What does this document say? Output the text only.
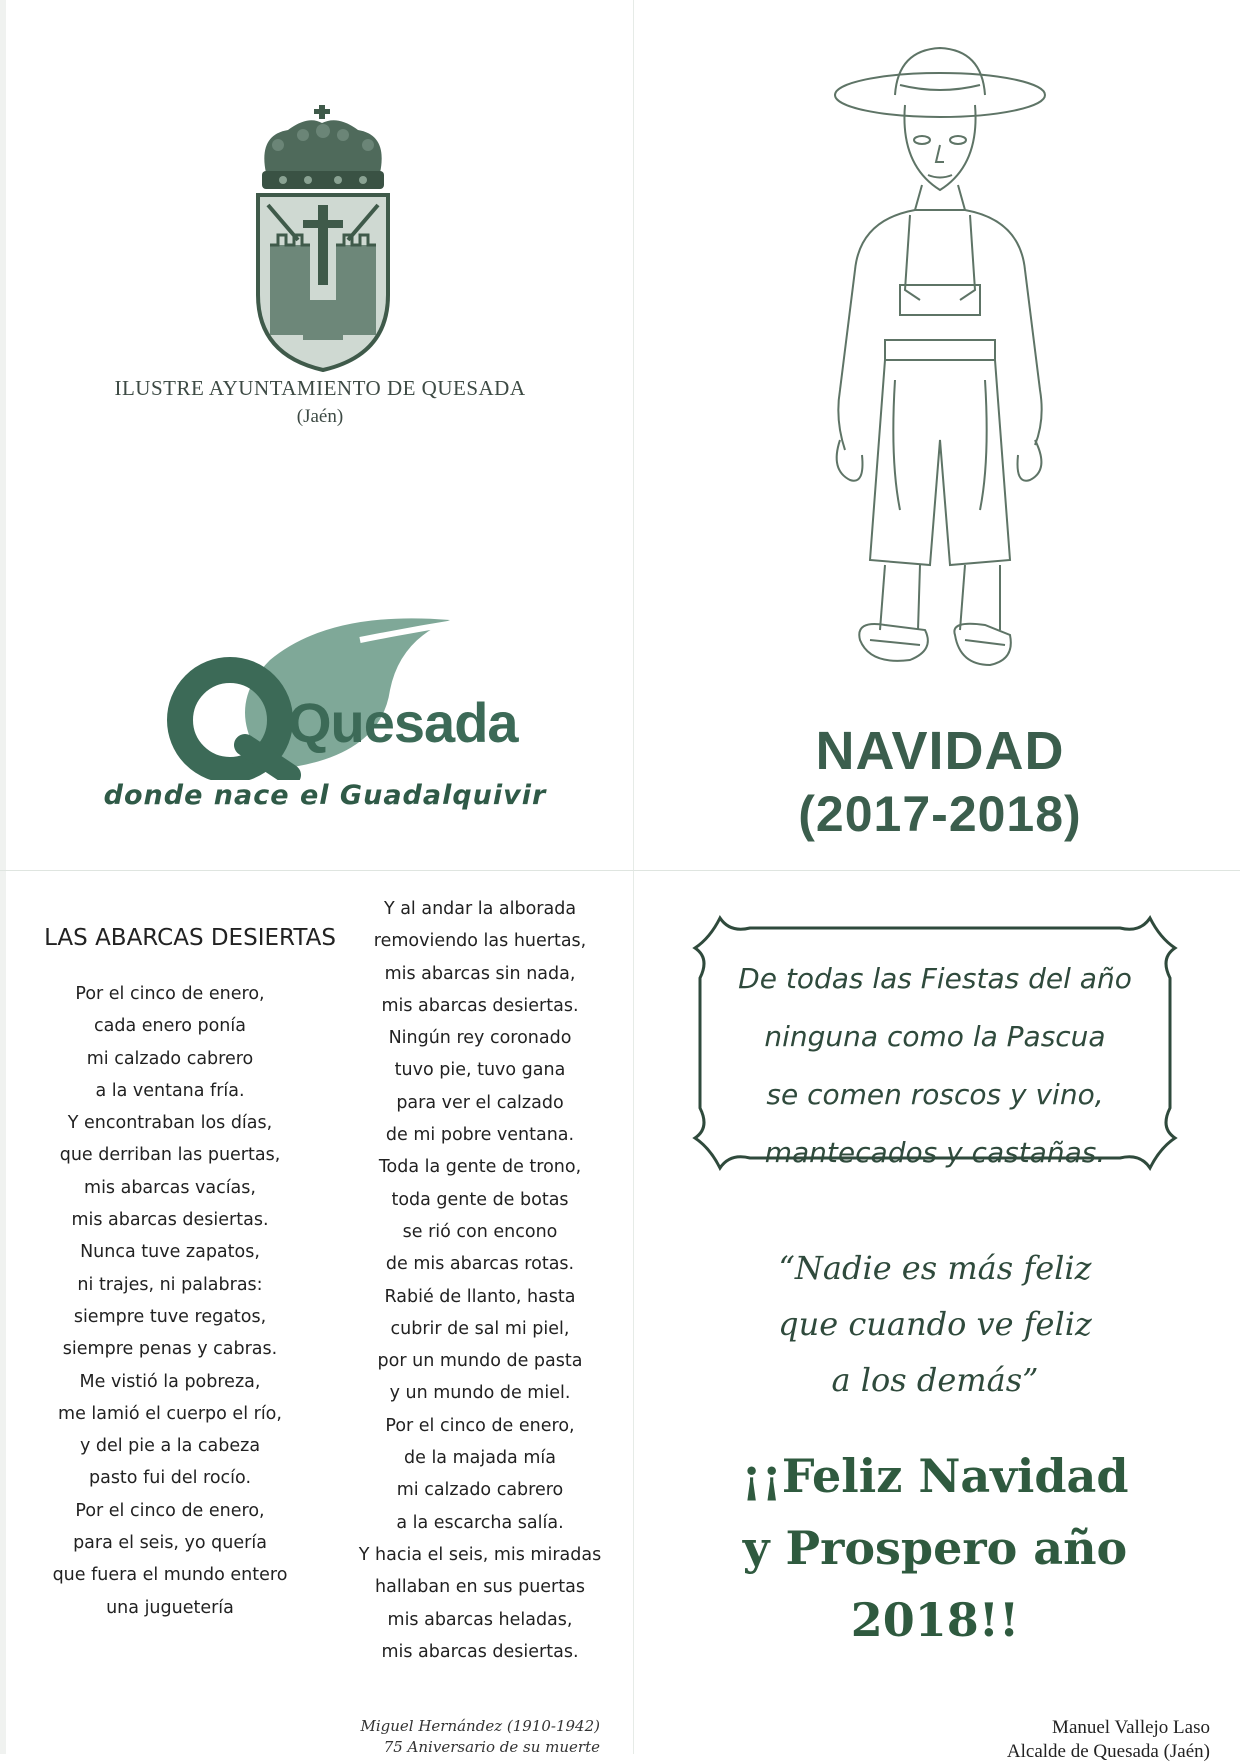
ILUSTRE AYUNTAMIENTO DE QUESADA
(Jaén)
Quesada
donde nace el Guadalquivir
NAVIDAD
(2017-2018)
LAS ABARCAS DESIERTAS
Por el cinco de enero,
cada enero ponía
mi calzado cabrero
a la ventana fría.
Y encontraban los días,
que derriban las puertas,
mis abarcas vacías,
mis abarcas desiertas.
Nunca tuve zapatos,
ni trajes, ni palabras:
siempre tuve regatos,
siempre penas y cabras.
Me vistió la pobreza,
me lamió el cuerpo el río,
y del pie a la cabeza
pasto fui del rocío.
Por el cinco de enero,
para el seis, yo quería
que fuera el mundo entero
una juguetería
Y al andar la alborada
removiendo las huertas,
mis abarcas sin nada,
mis abarcas desiertas.
Ningún rey coronado
tuvo pie, tuvo gana
para ver el calzado
de mi pobre ventana.
Toda la gente de trono,
toda gente de botas
se rió con encono
de mis abarcas rotas.
Rabié de llanto, hasta
cubrir de sal mi piel,
por un mundo de pasta
y un mundo de miel.
Por el cinco de enero,
de la majada mía
mi calzado cabrero
a la escarcha salía.
Y hacia el seis, mis miradas
hallaban en sus puertas
mis abarcas heladas,
mis abarcas desiertas.
Miguel Hernández (1910-1942)
75 Aniversario de su muerte
De todas las Fiestas del año
ninguna como la Pascua
se comen roscos y vino,
mantecados y castañas.
“Nadie es más feliz
que cuando ve feliz
a los demás”
¡¡Feliz Navidad
y Prospero año
2018!!
Manuel Vallejo Laso
Alcalde de Quesada (Jaén)
